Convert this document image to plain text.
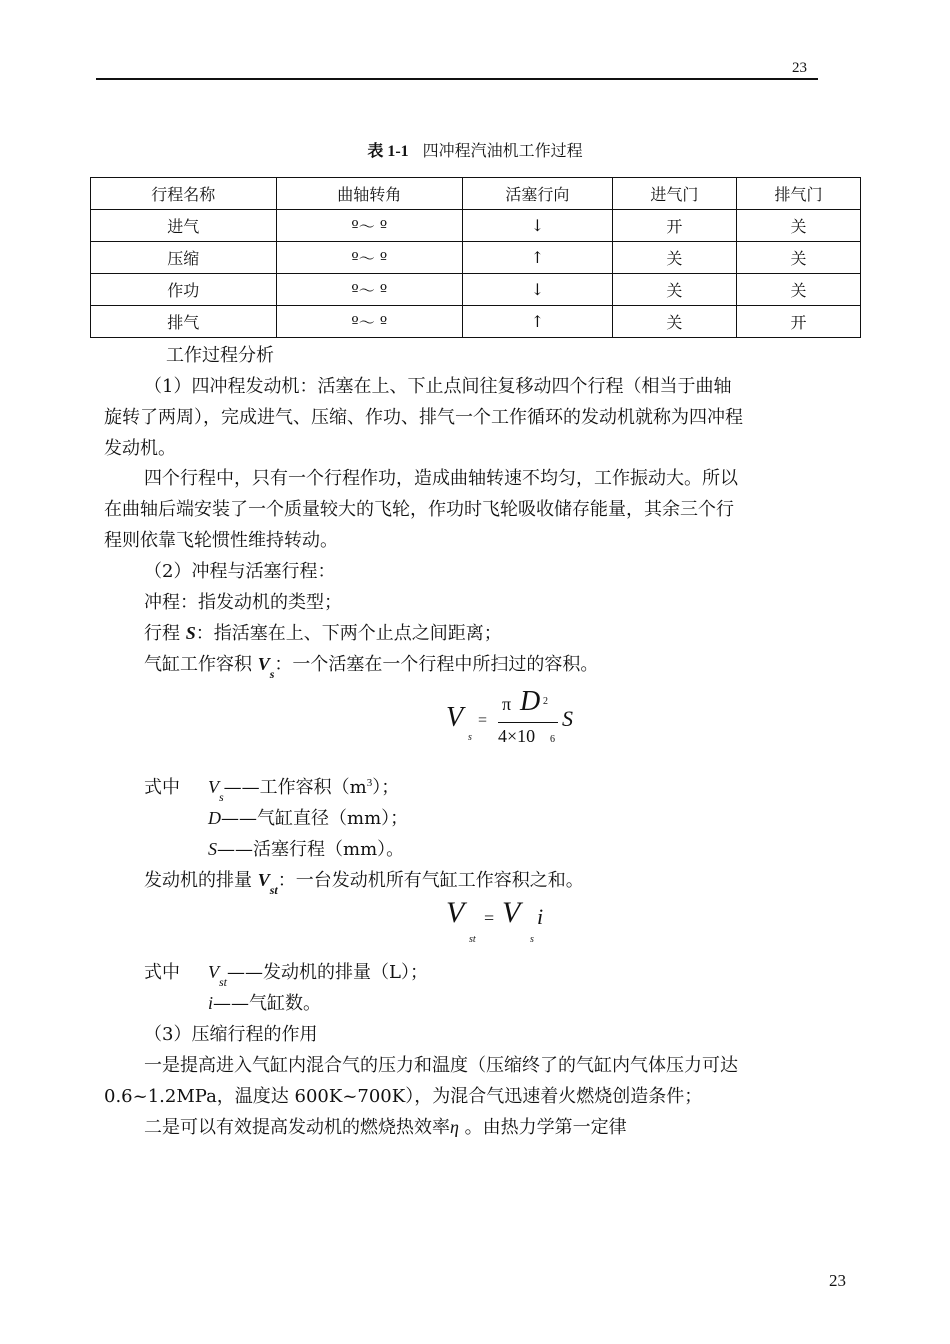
23
表 1-1 四冲程汽油机工作过程
行程名称	曲轴转角	活塞行向	进气门	排气门
进气	º～ º	↓	开	关
压缩	º～ º	↑	关	关
作功	º～ º	↓	关	关
排气	º～ º	↑	关	开
工作过程分析
（1）四冲程发动机：活塞在上、下止点间往复移动四个行程（相当于曲轴
旋转了两周），完成进气、压缩、作功、排气一个工作循环的发动机就称为四冲程
发动机。
四个行程中，只有一个行程作功，造成曲轴转速不均匀，工作振动大。所以
在曲轴后端安装了一个质量较大的飞轮，作功时飞轮吸收储存能量，其余三个行
程则依靠飞轮惯性维持转动。
（2）冲程与活塞行程：
冲程：指发动机的类型；
行程 S：指活塞在上、下两个止点之间距离；
气缸工作容积 $V_s$：一个活塞在一个行程中所扫过的容积。
V
s
=
π D 2
4×10 6
S
式中 $V_s——$工作容积$(m^3)$；
D——气缸直径（mm）；
S——活塞行程（mm）。
发动机的排量 $V_{st}$：一台发动机所有气缸工作容积之和。
V
st
= V
s
i
式中 $V_{st}——$发动机的排量（L）；
i——气缸数。
（3）压缩行程的作用
一是提高进入气缸内混合气的压力和温度（压缩终了的气缸内气体压力可达
0.6~1.2MPa，温度达 600K~700K），为混合气迅速着火燃烧创造条件；
二是可以有效提高发动机的燃烧热效率η 。由热力学第一定律
23
